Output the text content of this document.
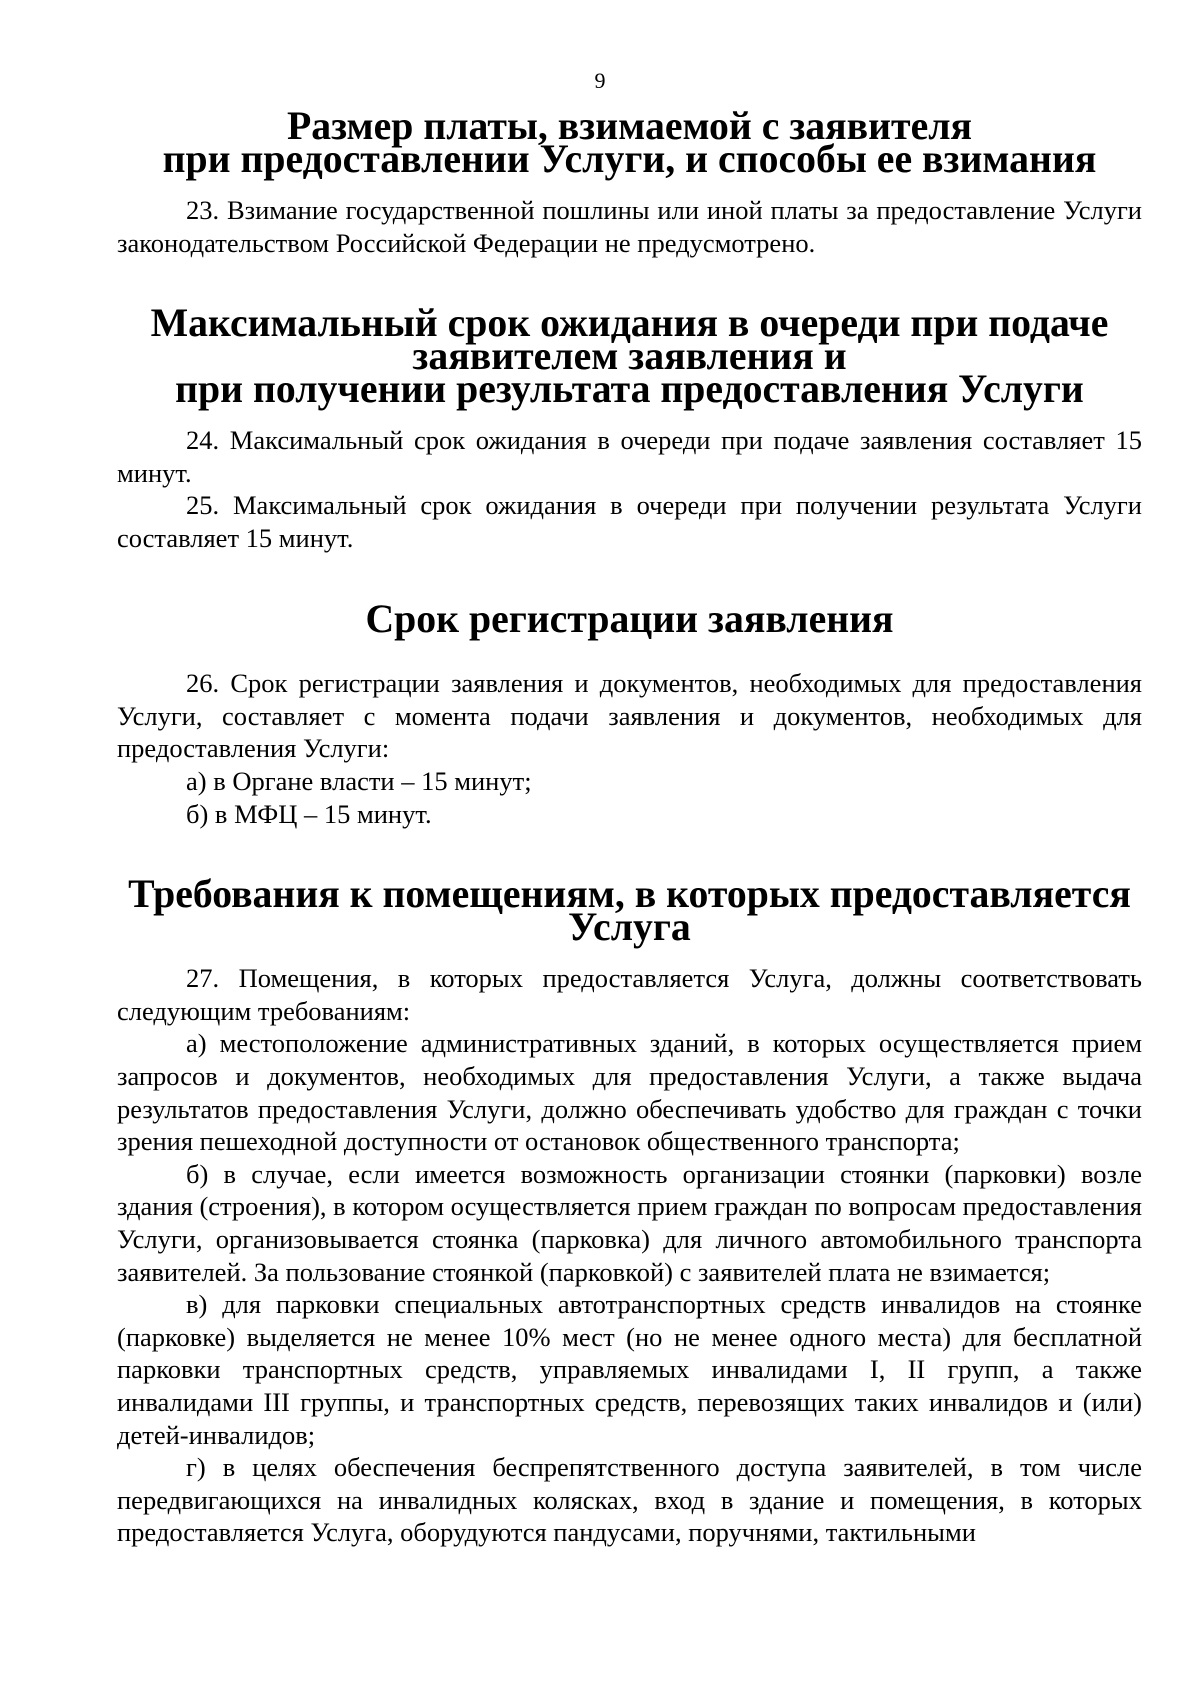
9
Размер платы, взимаемой с заявителя
при предоставлении Услуги, и способы ее взимания

23. Взимание государственной пошлины или иной платы за предоставление Услуги законодательством Российской Федерации не предусмотрено.

Максимальный срок ожидания в очереди при подаче заявителем заявления и
при получении результата предоставления Услуги

24. Максимальный срок ожидания в очереди при подаче заявления составляет 15 минут.

25. Максимальный срок ожидания в очереди при получении результата Услуги составляет 15 минут.

Срок регистрации заявления

26. Срок регистрации заявления и документов, необходимых для предоставления Услуги, составляет с момента подачи заявления и документов, необходимых для предоставления Услуги:

а) в Органе власти – 15 минут;

б) в МФЦ – 15 минут.

Требования к помещениям, в которых предоставляется Услуга

27. Помещения, в которых предоставляется Услуга, должны соответствовать следующим требованиям:

а) местоположение административных зданий, в которых осуществляется прием запросов и документов, необходимых для предоставления Услуги, а также выдача результатов предоставления Услуги, должно обеспечивать удобство для граждан с точки зрения пешеходной доступности от остановок общественного транспорта;

б) в случае, если имеется возможность организации стоянки (парковки) возле здания (строения), в котором осуществляется прием граждан по вопросам предоставления Услуги, организовывается стоянка (парковка) для личного автомобильного транспорта заявителей. За пользование стоянкой (парковкой) с заявителей плата не взимается;

в) для парковки специальных автотранспортных средств инвалидов на стоянке (парковке) выделяется не менее 10% мест (но не менее одного места) для бесплатной парковки транспортных средств, управляемых инвалидами I, II групп, а также инвалидами III группы, и транспортных средств, перевозящих таких инвалидов и (или) детей-инвалидов;

г) в целях обеспечения беспрепятственного доступа заявителей, в том числе передвигающихся на инвалидных колясках, вход в здание и помещения, в которых предоставляется Услуга, оборудуются пандусами, поручнями, тактильными
